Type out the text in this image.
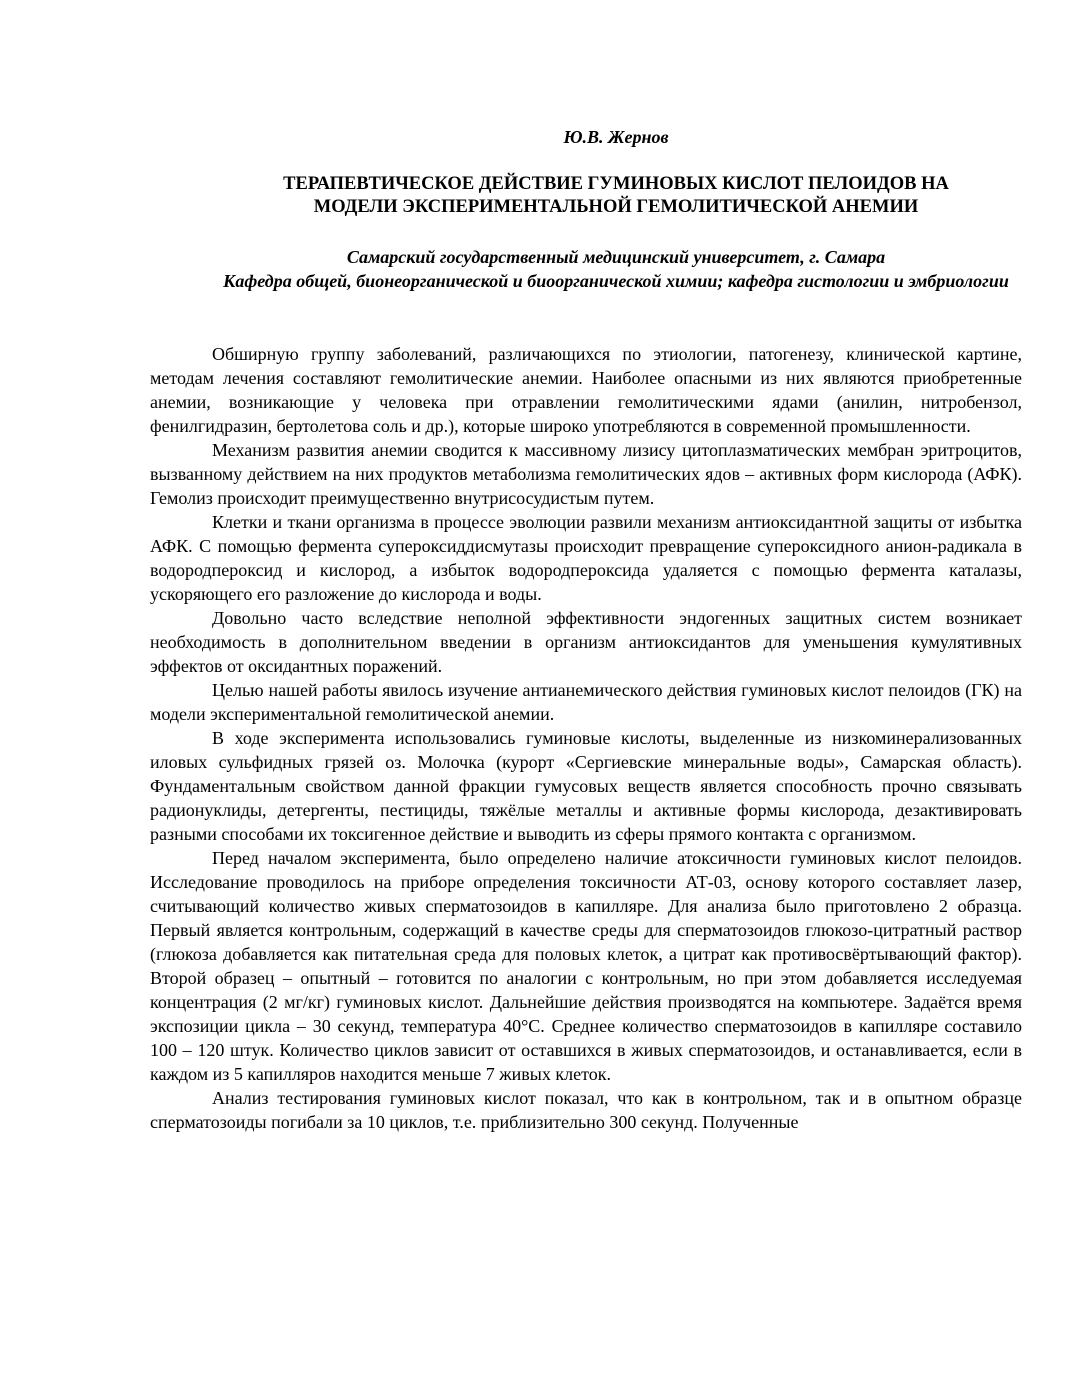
Ю.В. Жернов
ТЕРАПЕВТИЧЕСКОЕ ДЕЙСТВИЕ ГУМИНОВЫХ КИСЛОТ ПЕЛОИДОВ НА
МОДЕЛИ ЭКСПЕРИМЕНТАЛЬНОЙ ГЕМОЛИТИЧЕСКОЙ АНЕМИИ
Самарский государственный медицинский университет, г. Самара
Кафедра общей, бионеорганической и биоорганической химии; кафедра гистологии и эмбриологии

Обширную группу заболеваний, различающихся по этиологии, патогенезу, клинической картине, методам лечения составляют гемолитические анемии. Наиболее опасными из них являются приобретенные анемии, возникающие у человека при отравлении гемолитическими ядами (анилин, нитробензол, фенилгидразин, бертолетова соль и др.), которые широко употребляются в современной промышленности.

Механизм развития анемии сводится к массивному лизису цитоплазматических мембран эритроцитов, вызванному действием на них продуктов метаболизма гемолитических ядов – активных форм кислорода (АФК). Гемолиз происходит преимущественно внутрисосудистым путем.

Клетки и ткани организма в процессе эволюции развили механизм антиоксидантной защиты от избытка АФК. С помощью фермента супероксиддисмутазы происходит превращение супероксидного анион-радикала в водородпероксид и кислород, а избыток водородпероксида удаляется с помощью фермента каталазы, ускоряющего его разложение до кислорода и воды.

Довольно часто вследствие неполной эффективности эндогенных защитных систем возникает необходимость в дополнительном введении в организм антиоксидантов для уменьшения кумулятивных эффектов от оксидантных поражений.

Целью нашей работы явилось изучение антианемического действия гуминовых кислот пелоидов (ГК) на модели экспериментальной гемолитической анемии.

В ходе эксперимента использовались гуминовые кислоты, выделенные из низкоминерализованных иловых сульфидных грязей оз. Молочка (курорт «Сергиевские минеральные воды», Самарская область). Фундаментальным свойством данной фракции гумусовых веществ является способность прочно связывать радионуклиды, детергенты, пестициды, тяжёлые металлы и активные формы кислорода, дезактивировать разными способами их токсигенное действие и выводить из сферы прямого контакта с организмом.

Перед началом эксперимента, было определено наличие атоксичности гуминовых кислот пелоидов. Исследование проводилось на приборе определения токсичности АТ-03, основу которого составляет лазер, считывающий количество живых сперматозоидов в капилляре. Для анализа было приготовлено 2 образца. Первый является контрольным, содержащий в качестве среды для сперматозоидов глюкозо-цитратный раствор (глюкоза добавляется как питательная среда для половых клеток, а цитрат как противосвёртывающий фактор). Второй образец – опытный – готовится по аналогии с контрольным, но при этом добавляется исследуемая концентрация (2 мг/кг) гуминовых кислот. Дальнейшие действия производятся на компьютере. Задаётся время экспозиции цикла – 30 секунд, температура 40°С. Среднее количество сперматозоидов в капилляре составило 100 – 120 штук. Количество циклов зависит от оставшихся в живых сперматозоидов, и останавливается, если в каждом из 5 капилляров находится меньше 7 живых клеток.

Анализ тестирования гуминовых кислот показал, что как в контрольном, так и в опытном образце сперматозоиды погибали за 10 циклов, т.е. приблизительно 300 секунд. Полученные
